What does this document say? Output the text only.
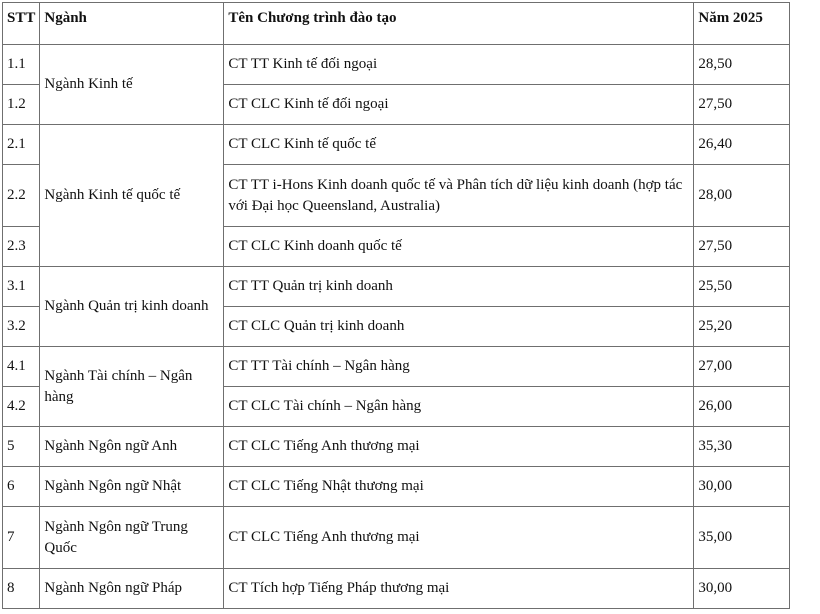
STT	Ngành	Tên Chương trình đào tạo	Năm 2025
1.1	Ngành Kinh tế	CT TT Kinh tế đối ngoại	28,50
1.2		CT CLC Kinh tế đối ngoại	27,50
2.1	Ngành Kinh tế quốc tế	CT CLC Kinh tế quốc tế	26,40
2.2		CT TT i-Hons Kinh doanh quốc tế và Phân tích dữ liệu kinh doanh (hợp tác với Đại học Queensland, Australia)	28,00
2.3		CT CLC Kinh doanh quốc tế	27,50
3.1	Ngành Quản trị kinh doanh	CT TT Quản trị kinh doanh	25,50
3.2		CT CLC Quản trị kinh doanh	25,20
4.1	Ngành Tài chính – Ngân hàng	CT TT Tài chính – Ngân hàng	27,00
4.2		CT CLC Tài chính – Ngân hàng	26,00
5	Ngành Ngôn ngữ Anh	CT CLC Tiếng Anh thương mại	35,30
6	Ngành Ngôn ngữ Nhật	CT CLC Tiếng Nhật thương mại	30,00
7	Ngành Ngôn ngữ Trung Quốc	CT CLC Tiếng Anh thương mại	35,00
8	Ngành Ngôn ngữ Pháp	CT Tích hợp Tiếng Pháp thương mại	30,00
